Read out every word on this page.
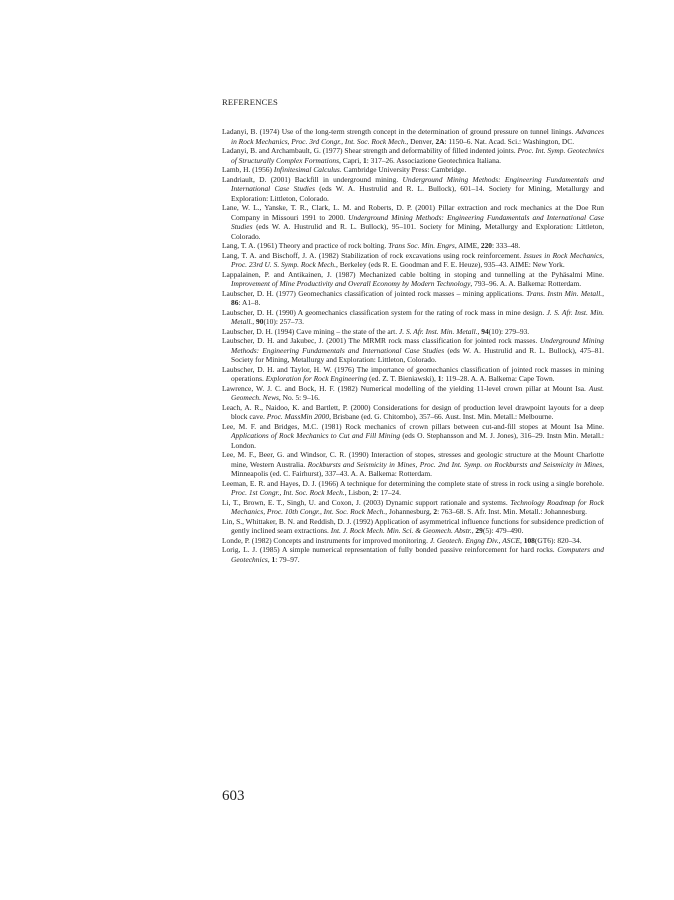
REFERENCES
Ladanyi, B. (1974) Use of the long-term strength concept in the determination of ground pressure on tunnel linings. Advances in Rock Mechanics, Proc. 3rd Congr., Int. Soc. Rock Mech., Denver, 2A: 1150–6. Nat. Acad. Sci.: Washington, DC.
Ladanyi, B. and Archambault, G. (1977) Shear strength and deformability of filled indented joints. Proc. Int. Symp. Geotechnics of Structurally Complex Formations, Capri, 1: 317–26. Associazione Geotechnica Italiana.
Lamb, H. (1956) Infinitesimal Calculus. Cambridge University Press: Cambridge.
Landriault, D. (2001) Backfill in underground mining. Underground Mining Methods: Engineering Fundamentals and International Case Studies (eds W. A. Hustrulid and R. L. Bullock), 601–14. Society for Mining, Metallurgy and Exploration: Littleton, Colorado.
Lane, W. L., Yanske, T. R., Clark, L. M. and Roberts, D. P. (2001) Pillar extraction and rock mechanics at the Doe Run Company in Missouri 1991 to 2000. Underground Mining Methods: Engineering Fundamentals and International Case Studies (eds W. A. Hustrulid and R. L. Bullock), 95–101. Society for Mining, Metallurgy and Exploration: Littleton, Colorado.
Lang, T. A. (1961) Theory and practice of rock bolting. Trans Soc. Min. Engrs, AIME, 220: 333–48.
Lang, T. A. and Bischoff, J. A. (1982) Stabilization of rock excavations using rock reinforcement. Issues in Rock Mechanics, Proc. 23rd U. S. Symp. Rock Mech., Berkeley (eds R. E. Goodman and F. E. Heuze), 935–43. AIME: New York.
Lappalainen, P. and Antikainen, J. (1987) Mechanized cable bolting in stoping and tunnelling at the Pyhäsalmi Mine. Improvement of Mine Productivity and Overall Economy by Modern Technology, 793–96. A. A. Balkema: Rotterdam.
Laubscher, D. H. (1977) Geomechanics classification of jointed rock masses – mining applications. Trans. Instn Min. Metall., 86: A1–8.
Laubscher, D. H. (1990) A geomechanics classification system for the rating of rock mass in mine design. J. S. Afr. Inst. Min. Metall., 90(10): 257–73.
Laubscher, D. H. (1994) Cave mining – the state of the art. J. S. Afr. Inst. Min. Metall., 94(10): 279–93.
Laubscher, D. H. and Jakubec, J. (2001) The MRMR rock mass classification for jointed rock masses. Underground Mining Methods: Engineering Fundamentals and International Case Studies (eds W. A. Hustrulid and R. L. Bullock), 475–81. Society for Mining, Metallurgy and Exploration: Littleton, Colorado.
Laubscher, D. H. and Taylor, H. W. (1976) The importance of geomechanics classification of jointed rock masses in mining operations. Exploration for Rock Engineering (ed. Z. T. Bieniawski), 1: 119–28. A. A. Balkema: Cape Town.
Lawrence, W. J. C. and Bock, H. F. (1982) Numerical modelling of the yielding 11-level crown pillar at Mount Isa. Aust. Geomech. News, No. 5: 9–16.
Leach, A. R., Naidoo, K. and Bartlett, P. (2000) Considerations for design of production level drawpoint layouts for a deep block cave. Proc. MassMin 2000, Brisbane (ed. G. Chitombo), 357–66. Aust. Inst. Min. Metall.: Melbourne.
Lee, M. F. and Bridges, M.C. (1981) Rock mechanics of crown pillars between cut-and-fill stopes at Mount Isa Mine. Applications of Rock Mechanics to Cut and Fill Mining (eds O. Stephansson and M. J. Jones), 316–29. Instn Min. Metall.: London.
Lee, M. F., Beer, G. and Windsor, C. R. (1990) Interaction of stopes, stresses and geologic structure at the Mount Charlotte mine, Western Australia. Rockbursts and Seismicity in Mines, Proc. 2nd Int. Symp. on Rockbursts and Seismicity in Mines, Minneapolis (ed. C. Fairhurst), 337–43. A. A. Balkema: Rotterdam.
Leeman, E. R. and Hayes, D. J. (1966) A technique for determining the complete state of stress in rock using a single borehole. Proc. 1st Congr., Int. Soc. Rock Mech., Lisbon, 2: 17–24.
Li, T., Brown, E. T., Singh, U. and Coxon, J. (2003) Dynamic support rationale and systems. Technology Roadmap for Rock Mechanics, Proc. 10th Congr., Int. Soc. Rock Mech., Johannesburg, 2: 763–68. S. Afr. Inst. Min. Metall.: Johannesburg.
Lin, S., Whittaker, B. N. and Reddish, D. J. (1992) Application of asymmetrical influence functions for subsidence prediction of gently inclined seam extractions. Int. J. Rock Mech. Min. Sci. & Geomech. Abstr., 29(5): 479–490.
Londe, P. (1982) Concepts and instruments for improved monitoring. J. Geotech. Engng Div., ASCE, 108(GT6): 820–34.
Lorig, L. J. (1985) A simple numerical representation of fully bonded passive reinforcement for hard rocks. Computers and Geotechnics, 1: 79–97.
603
